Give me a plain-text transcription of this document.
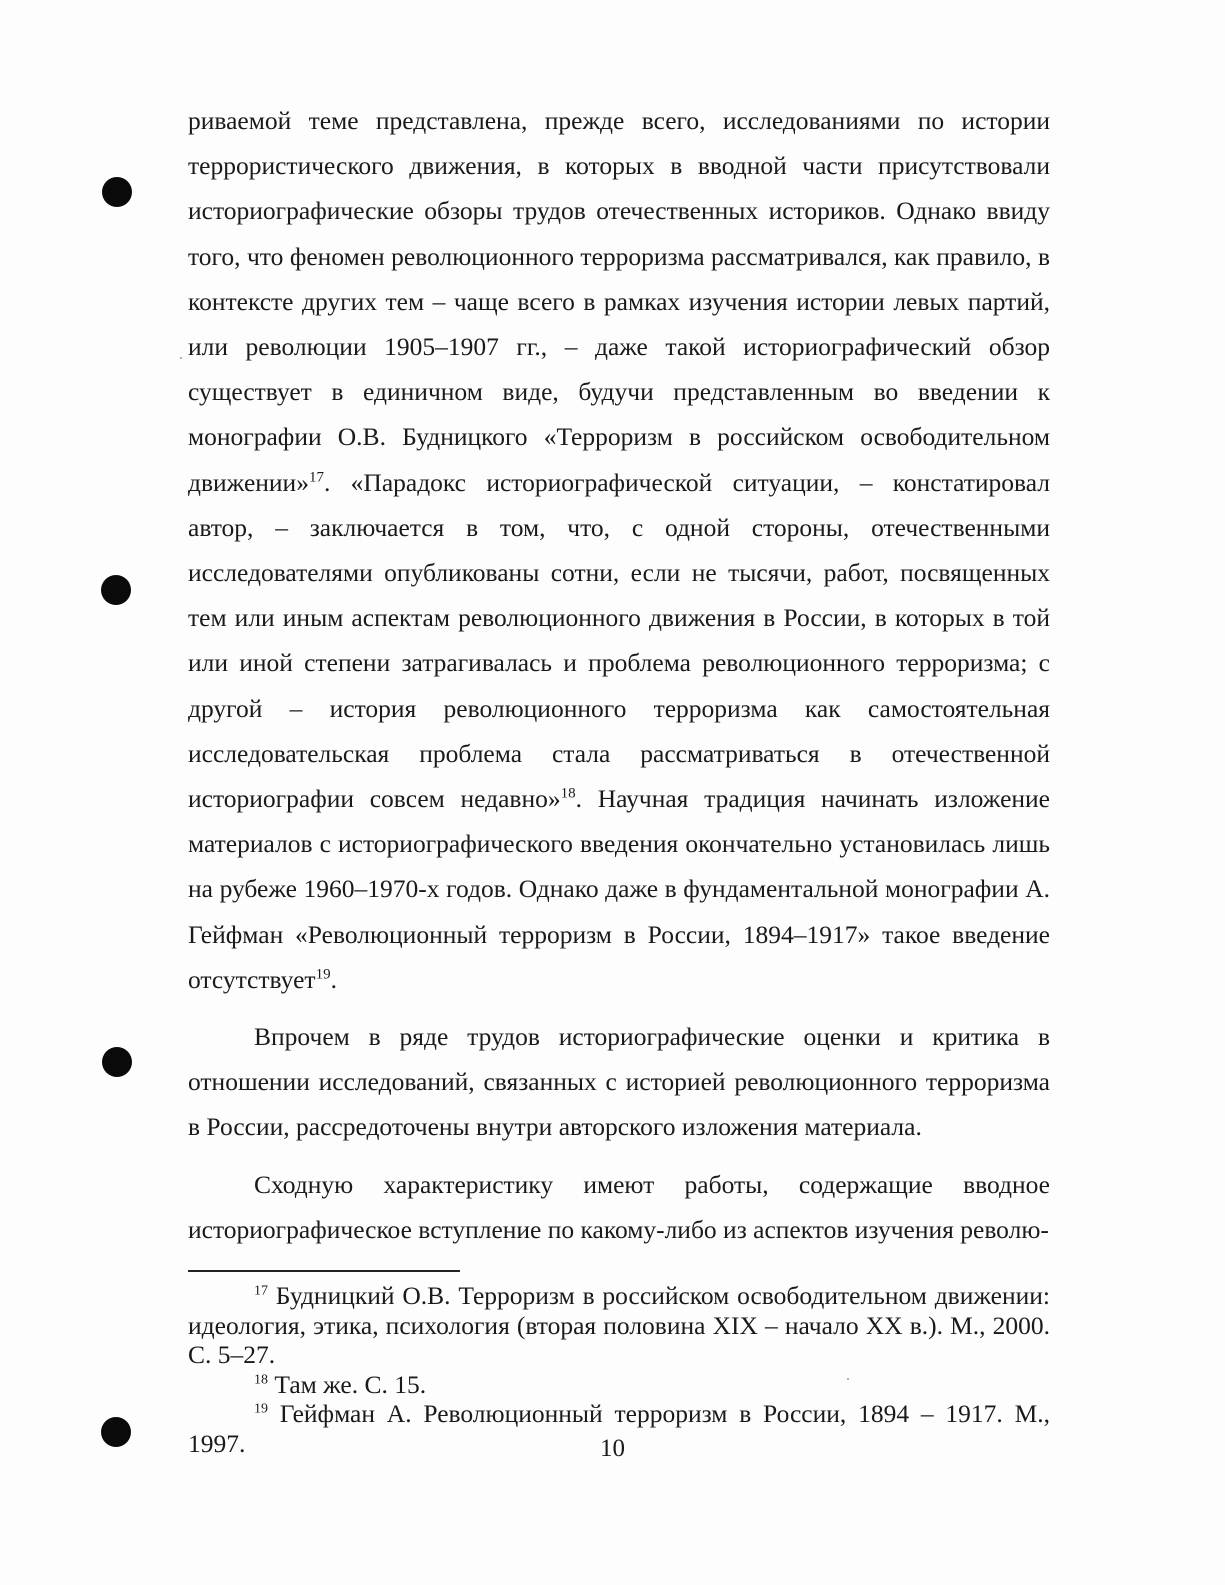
риваемой теме представлена, прежде всего, исследованиями по истории террористического движения, в которых в вводной части присутствовали историографические обзоры трудов отечественных историков. Однако ввиду того, что феномен революционного терроризма рассматривался, как правило, в контексте других тем – чаще всего в рамках изучения истории левых партий, или революции 1905–1907 гг., – даже такой историографический обзор существует в единичном виде, будучи представленным во введении к монографии О.В. Будницкого «Терроризм в российском освободительном движении»$^{17}$. «Парадокс историографической ситуации, – констатировал автор, – заключается в том, что, с одной стороны, отечественными исследователями опубликованы сотни, если не тысячи, работ, посвященных тем или иным аспектам революционного движения в России, в которых в той или иной степени затрагивалась и проблема революционного терроризма; с другой – история революционного терроризма как самостоятельная исследовательская проблема стала рассматриваться в отечественной историографии совсем недавно»$^{18}$. Научная традиция начинать изложение материалов с историографического введения окончательно установилась лишь на рубеже 1960–1970-х годов. Однако даже в фундаментальной монографии А. Гейфман «Революционный терроризм в России, 1894–1917» такое введение отсутствует$^{19}$.

Впрочем в ряде трудов историографические оценки и критика в отношении исследований, связанных с историей революционного терроризма в России, рассредоточены внутри авторского изложения материала.

Сходную характеристику имеют работы, содержащие вводное историографическое вступление по какому-либо из аспектов изучения револю-

$^{17}$ Будницкий О.В. Терроризм в российском освободительном движении: идеология, этика, психология (вторая половина XIX – начало XX в.). М., 2000. С. 5–27.

$^{18}$ Там же. С. 15.

$^{19}$ Гейфман А. Революционный терроризм в России, 1894 – 1917. М., 1997.	10
